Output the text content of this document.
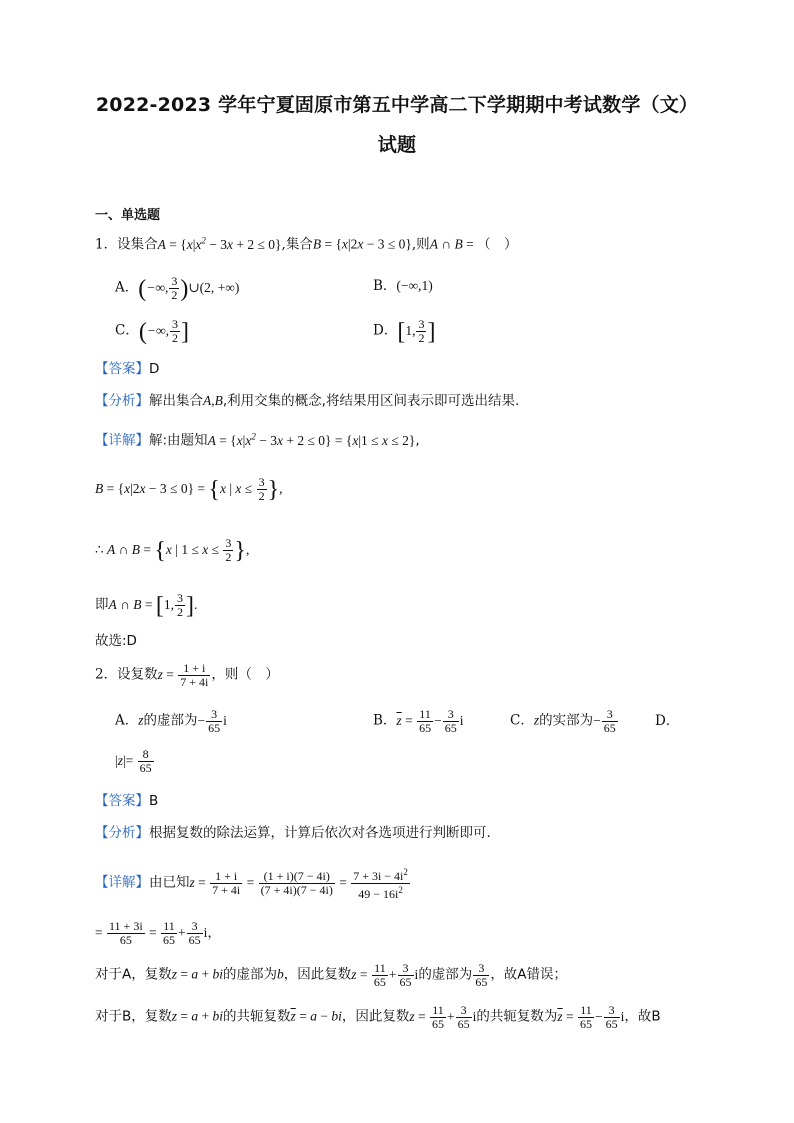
2022-2023 学年宁夏固原市第五中学高二下学期期中考试数学（文）
试题
一、单选题
1．设集合$A = \{x|x^2 - 3x + 2 \le 0\}$,集合B = {x|2x − 3 ≤ 0},则A ∩ B = （　）
A．(−∞, $\frac{3}{2}$ )∪(2, +∞)	B．(−∞,1)
C．(−∞, $\frac{3}{2}$ ]	D．[1, $\frac{3}{2}$ ]
【答案】D
【分析】解出集合A,B,利用交集的概念,将结果用区间表示即可选出结果.
【详解】解:由题知$A = \{x|x^2 - 3x + 2 \le 0\} = \{x|1 \le x \le 2\}$,
B = {x|2x − 3 ≤ 0} = {x | $x \le \frac{3}{2}$ },
∴ A ∩ B = {x | $1 \le x \le \frac{3}{2}$ },
即A ∩ B = [1, $\frac{3}{2}$ ].
故选:D
2．设复数$z = \frac{1 + i}{7 + 4i}$ ，则（　）
A．z的虚部为− $\frac{3}{65}$ i	B．$\overline{z} = \frac{11}{65} - \frac{3}{65}$ i	C．z的实部为− $\frac{3}{65}$	D．
$|z|= \frac{8}{65}$
【答案】B
【分析】根据复数的除法运算，计算后依次对各选项进行判断即可.
【详解】由已知$z = \frac{1 + i}{7 + 4i} = \frac{(1 + i)(7 - 4i)}{(7 + 4i)(7 - 4i)} = \frac{7 + 3i - 4i^2}{49 - 16i^2}$
= $\frac{11 + 3i}{65} = \frac{11}{65} + \frac{3}{65}$ i，
对于A，复数z = a + bi的虚部为b，因此复数$z = \frac{11}{65} + \frac{3}{65}$ i的虚部为 $\frac{3}{65}$ ，故A错误；
对于B，复数z = a + bi的共轭复数$\overline{z} = a$ − bi，因此复数$z = \frac{11}{65} + \frac{3}{65}$ i的共轭复数为$\overline{z} = \frac{11}{65} - \frac{3}{65}$ i，故B
